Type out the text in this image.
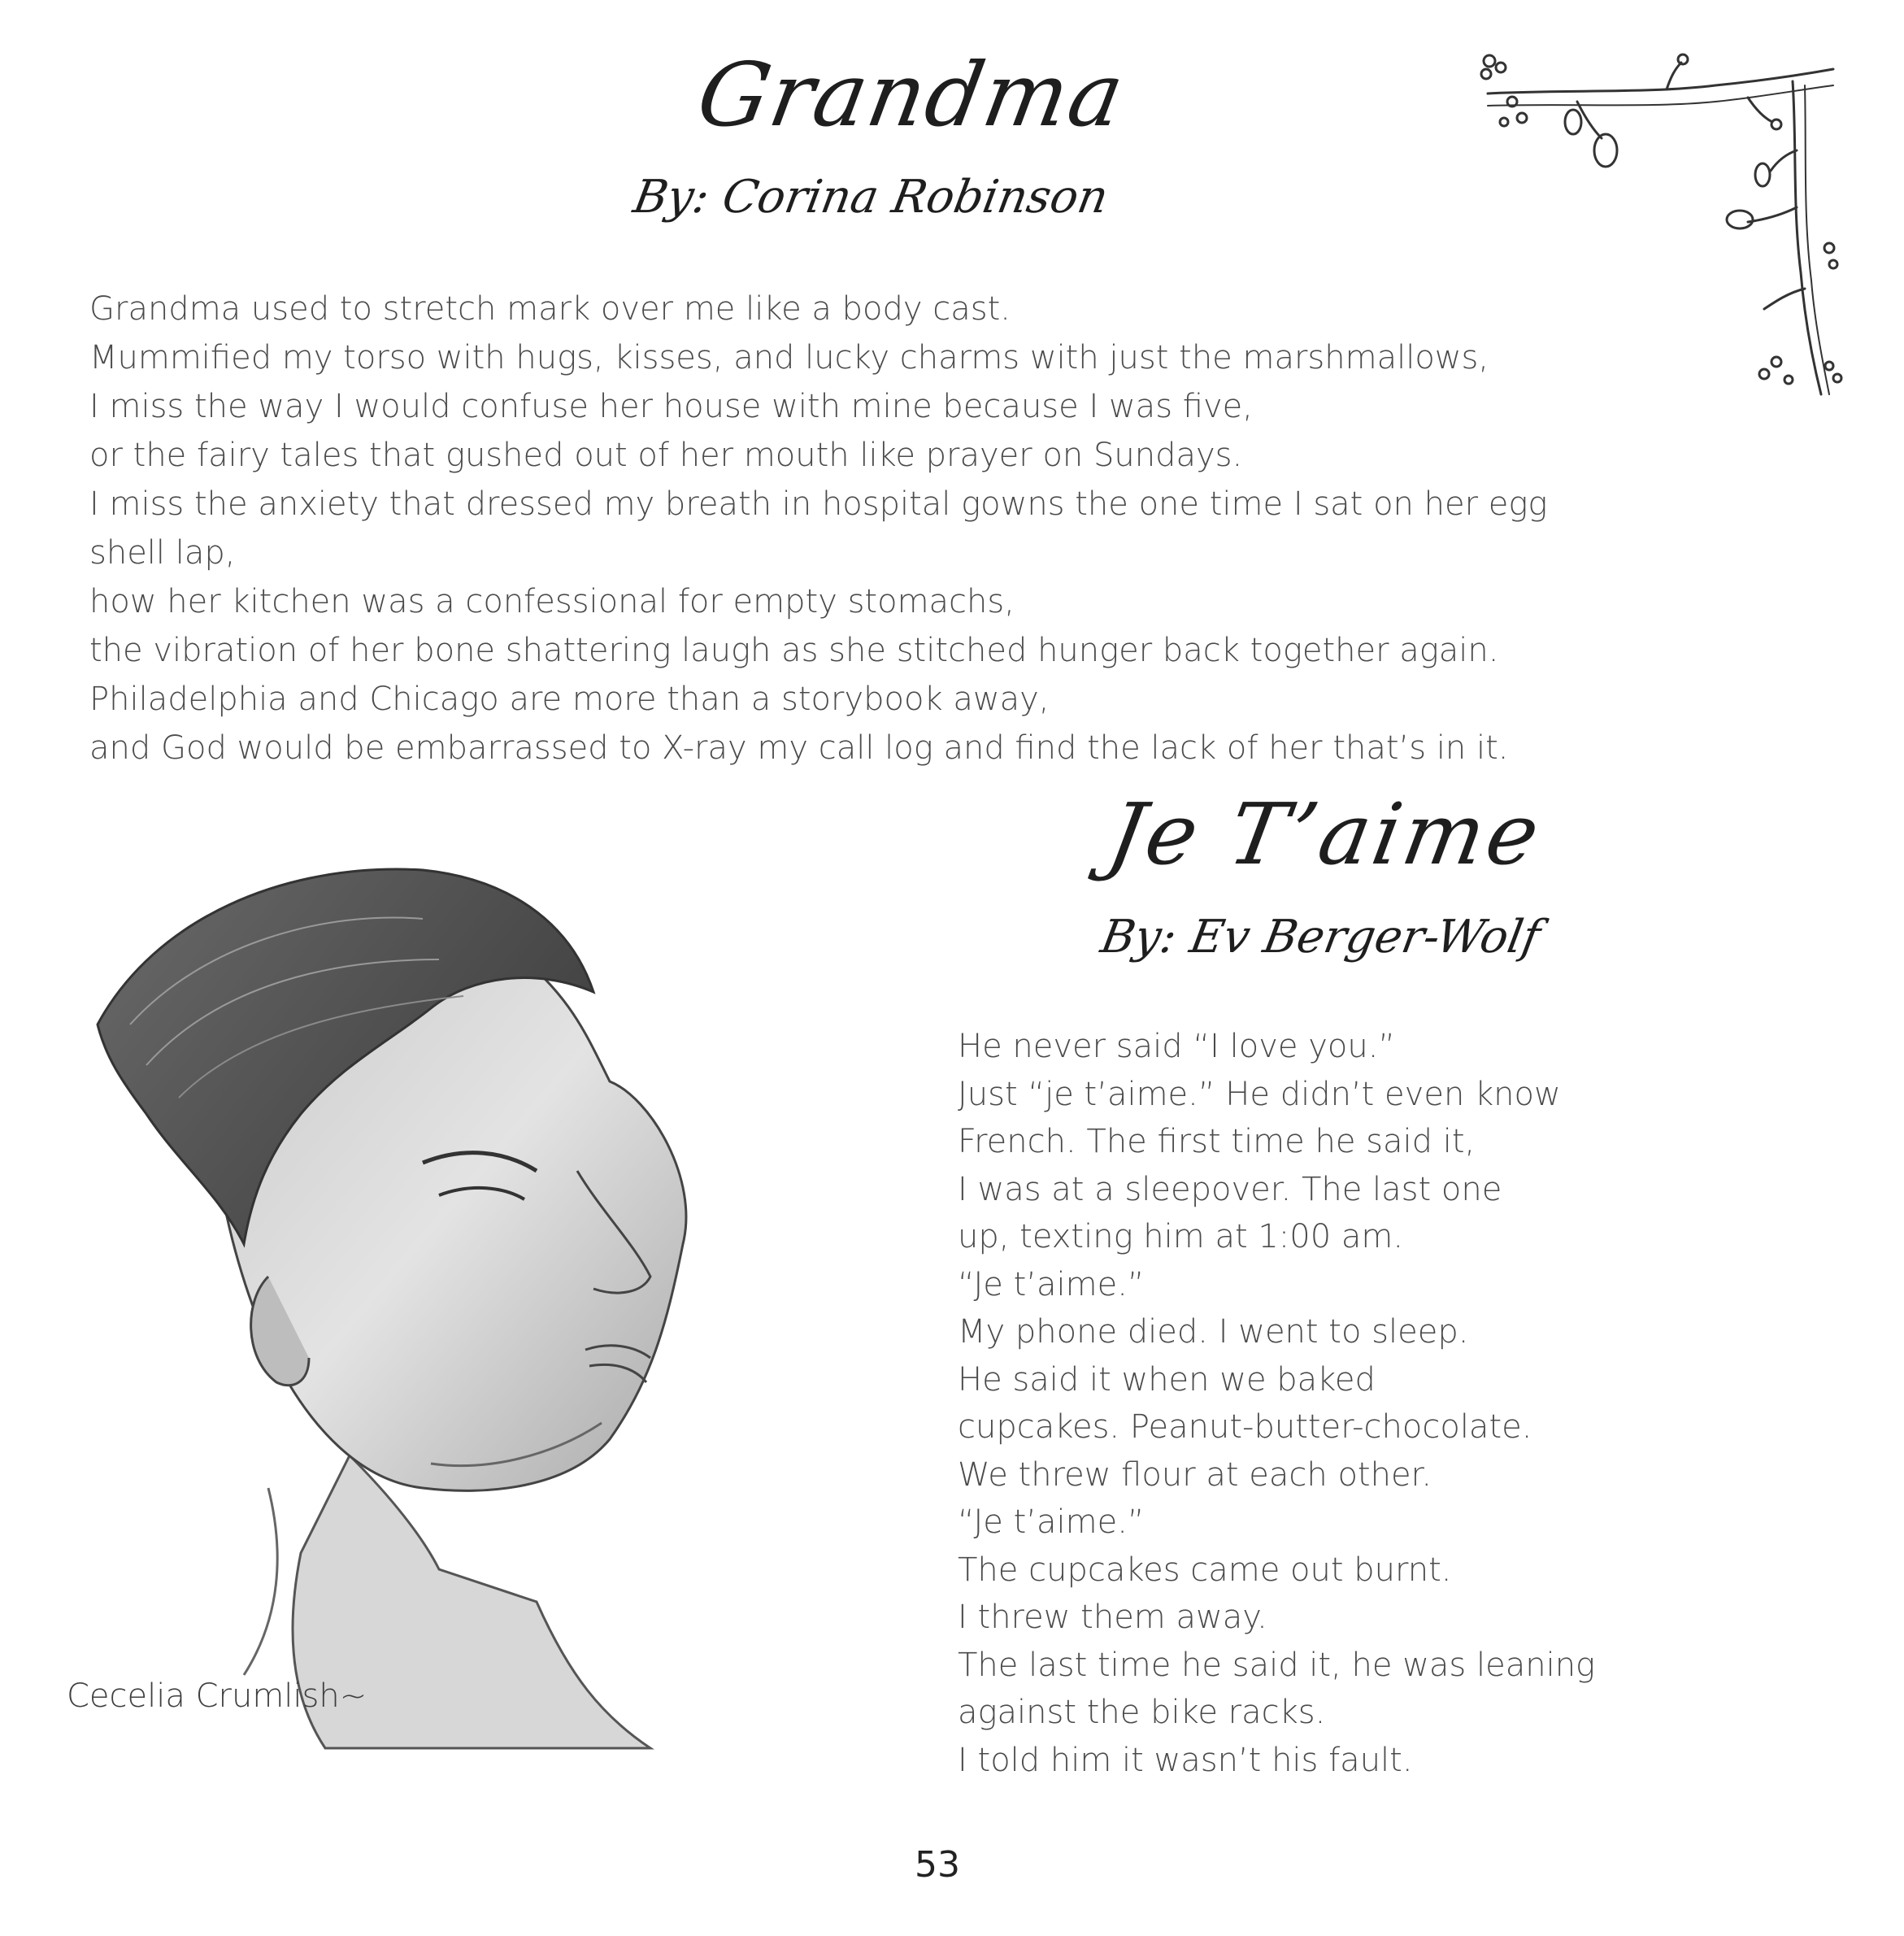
Grandma
By: Corina Robinson
Grandma used to stretch mark over me like a body cast.
Mummified my torso with hugs, kisses, and lucky charms with just the marshmallows,
I miss the way I would confuse her house with mine because I was five,
or the fairy tales that gushed out of her mouth like prayer on Sundays.
I miss the anxiety that dressed my breath in hospital gowns the one time I sat on her egg
shell lap,
how her kitchen was a confessional for empty stomachs,
the vibration of her bone shattering laugh as she stitched hunger back together again.
Philadelphia and Chicago are more than a storybook away,
and God would be embarrassed to X-ray my call log and find the lack of her that’s in it.
Cecelia Crumlish~
Je T’aime
By: Ev Berger-Wolf
He never said “I love you.”
Just “je t’aime.” He didn’t even know
French. The first time he said it,
I was at a sleepover. The last one
up, texting him at 1:00 am.
“Je t’aime.”
My phone died. I went to sleep.
He said it when we baked
cupcakes. Peanut-butter-chocolate.
We threw flour at each other.
“Je t’aime.”
The cupcakes came out burnt.
I threw them away.
The last time he said it, he was leaning
against the bike racks.
I told him it wasn’t his fault.
53
